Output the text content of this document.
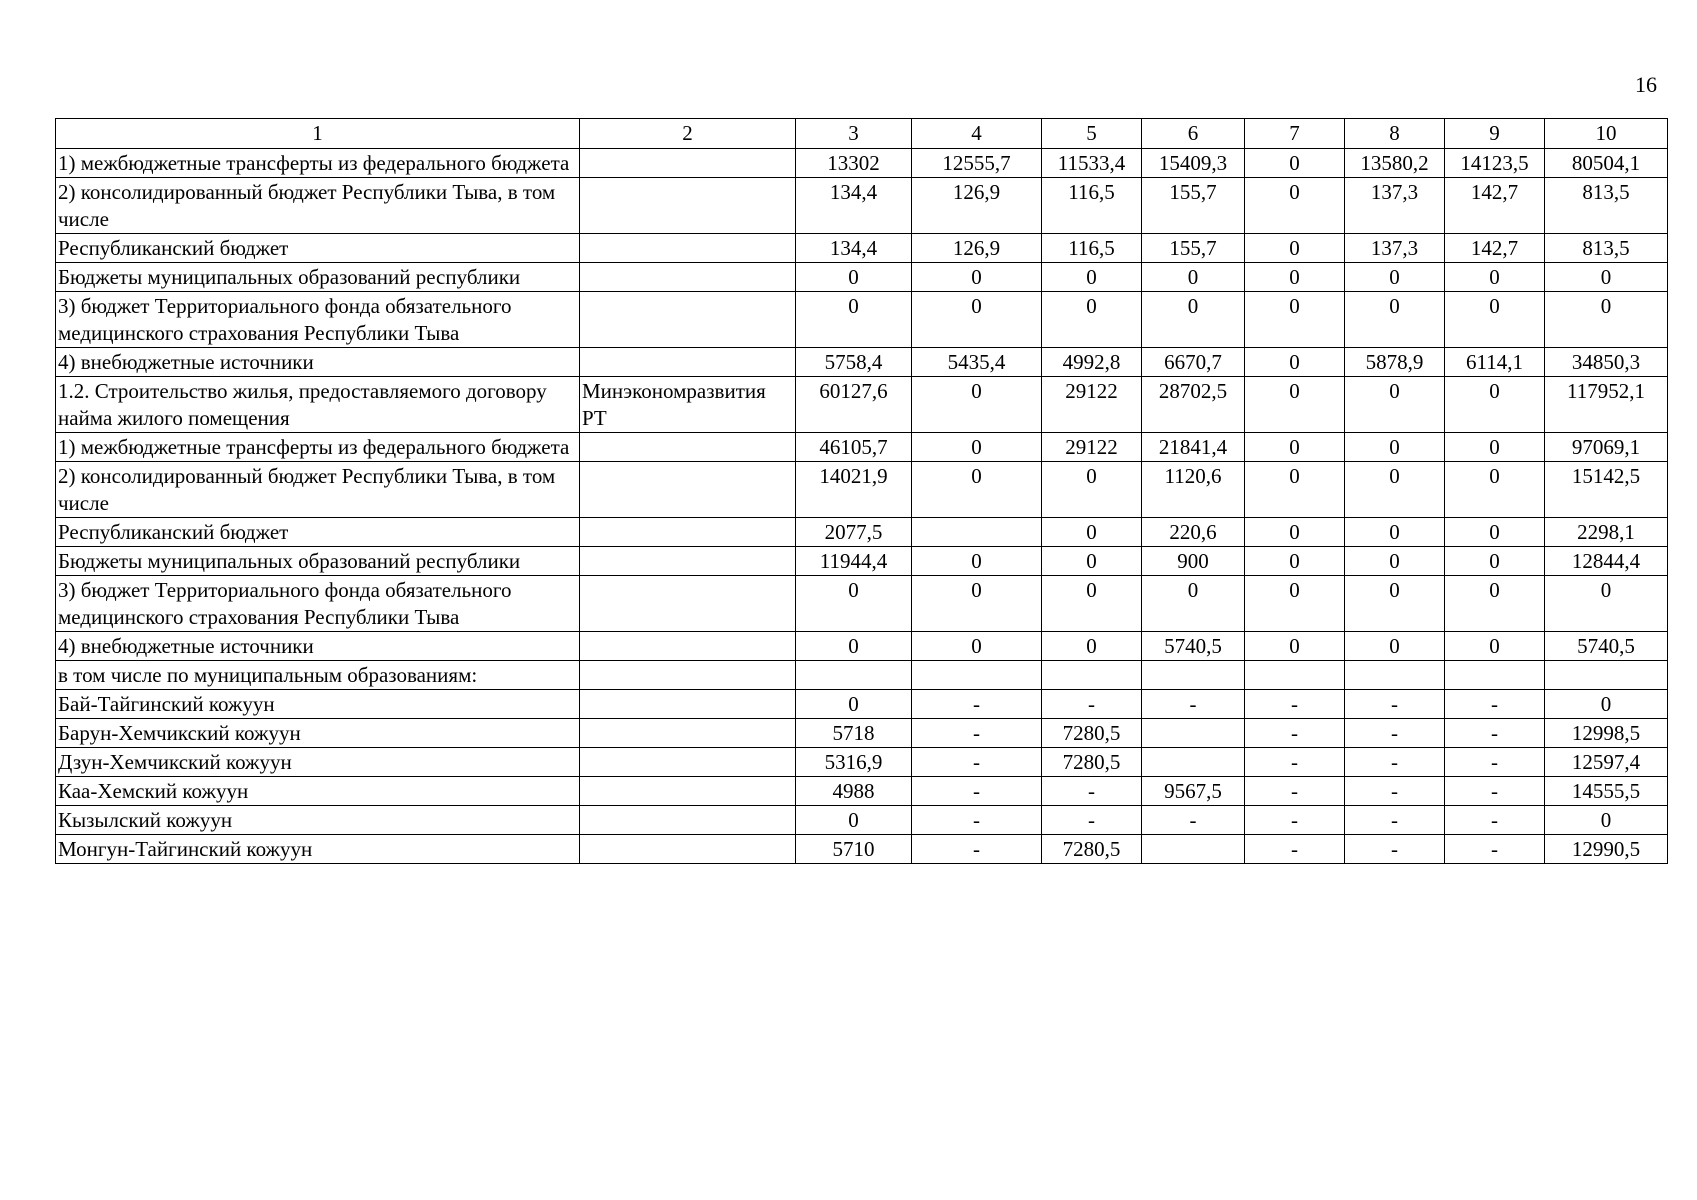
16
1	2	3	4	5	6	7	8	9	10
1) межбюджетные трансферты из федерального бюджета		13302	12555,7	11533,4	15409,3	0	13580,2	14123,5	80504,1
2) консолидированный бюджет Республики Тыва, в том числе		134,4	126,9	116,5	155,7	0	137,3	142,7	813,5
Республиканский бюджет		134,4	126,9	116,5	155,7	0	137,3	142,7	813,5
Бюджеты муниципальных образований республики		0	0	0	0	0	0	0	0
3) бюджет Территориального фонда обязательного медицинского страхования Республики Тыва		0	0	0	0	0	0	0	0
4) внебюджетные источники		5758,4	5435,4	4992,8	6670,7	0	5878,9	6114,1	34850,3
1.2. Строительство жилья, предоставляемого договору найма жилого помещения	Минэкономразвития РТ	60127,6	0	29122	28702,5	0	0	0	117952,1
1) межбюджетные трансферты из федерального бюджета		46105,7	0	29122	21841,4	0	0	0	97069,1
2) консолидированный бюджет Республики Тыва, в том числе		14021,9	0	0	1120,6	0	0	0	15142,5
Республиканский бюджет		2077,5		0	220,6	0	0	0	2298,1
Бюджеты муниципальных образований республики		11944,4	0	0	900	0	0	0	12844,4
3) бюджет Территориального фонда обязательного медицинского страхования Республики Тыва		0	0	0	0	0	0	0	0
4) внебюджетные источники		0	0	0	5740,5	0	0	0	5740,5
в том числе по муниципальным образованиям:									
Бай-Тайгинский кожуун		0	-	-	-	-	-	-	0
Барун-Хемчикский кожуун		5718	-	7280,5		-	-	-	12998,5
Дзун-Хемчикский кожуун		5316,9	-	7280,5		-	-	-	12597,4
Каа-Хемский кожуун		4988	-	-	9567,5	-	-	-	14555,5
Кызылский кожуун		0	-	-	-	-	-	-	0
Монгун-Тайгинский кожуун		5710	-	7280,5		-	-	-	12990,5
